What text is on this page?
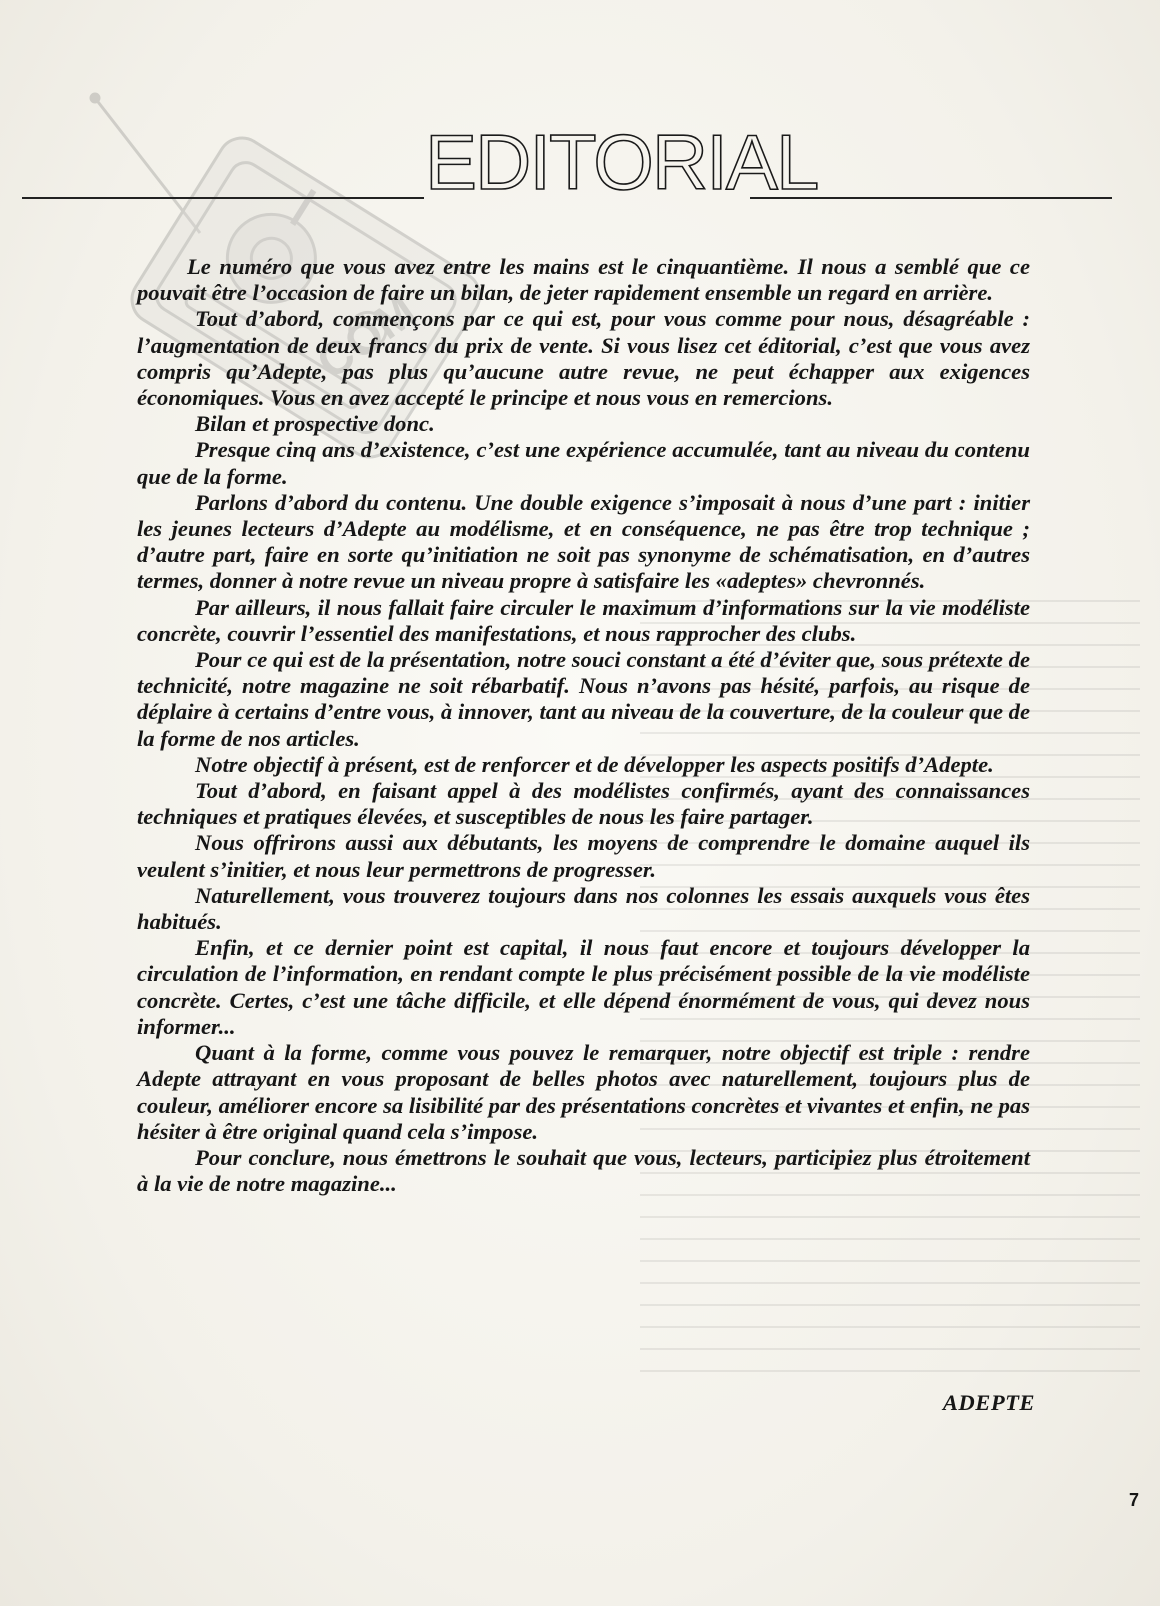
COM
EDITORIAL

Le numéro que vous avez entre les mains est le cinquantième. Il nous a semblé que ce pouvait être l’occasion de faire un bilan, de jeter rapidement ensemble un regard en arrière.

Tout d’abord, commençons par ce qui est, pour vous comme pour nous, désagréable : l’augmentation de deux francs du prix de vente. Si vous lisez cet éditorial, c’est que vous avez compris qu’Adepte, pas plus qu’aucune autre revue, ne peut échapper aux exigences économiques. Vous en avez accepté le principe et nous vous en remercions.

Bilan et prospective donc.

Presque cinq ans d’existence, c’est une expérience accumulée, tant au niveau du contenu que de la forme.

Parlons d’abord du contenu. Une double exigence s’imposait à nous d’une part : initier les jeunes lecteurs d’Adepte au modélisme, et en conséquence, ne pas être trop technique ; d’autre part, faire en sorte qu’initiation ne soit pas synonyme de schématisation, en d’autres termes, donner à notre revue un niveau propre à satisfaire les «adeptes» chevronnés.

Par ailleurs, il nous fallait faire circuler le maximum d’informations sur la vie modéliste concrète, couvrir l’essentiel des manifestations, et nous rapprocher des clubs.

Pour ce qui est de la présentation, notre souci constant a été d’éviter que, sous prétexte de technicité, notre magazine ne soit rébarbatif. Nous n’avons pas hésité, parfois, au risque de déplaire à certains d’entre vous, à innover, tant au niveau de la couverture, de la couleur que de la forme de nos articles.

Notre objectif à présent, est de renforcer et de développer les aspects positifs d’Adepte.

Tout d’abord, en faisant appel à des modélistes confirmés, ayant des connaissances techniques et pratiques élevées, et susceptibles de nous les faire partager.

Nous offrirons aussi aux débutants, les moyens de comprendre le domaine auquel ils veulent s’initier, et nous leur permettrons de progresser.

Naturellement, vous trouverez toujours dans nos colonnes les essais auxquels vous êtes habitués.

Enfin, et ce dernier point est capital, il nous faut encore et toujours développer la circulation de l’information, en rendant compte le plus précisément possible de la vie modéliste concrète. Certes, c’est une tâche difficile, et elle dépend énormément de vous, qui devez nous informer...

Quant à la forme, comme vous pouvez le remarquer, notre objectif est triple : rendre Adepte attrayant en vous proposant de belles photos avec naturellement, toujours plus de couleur, améliorer encore sa lisibilité par des présentations concrètes et vivantes et enfin, ne pas hésiter à être original quand cela s’impose.

Pour conclure, nous émettrons le souhait que vous, lecteurs, participiez plus étroitement à la vie de notre magazine...

ADEPTE
7
